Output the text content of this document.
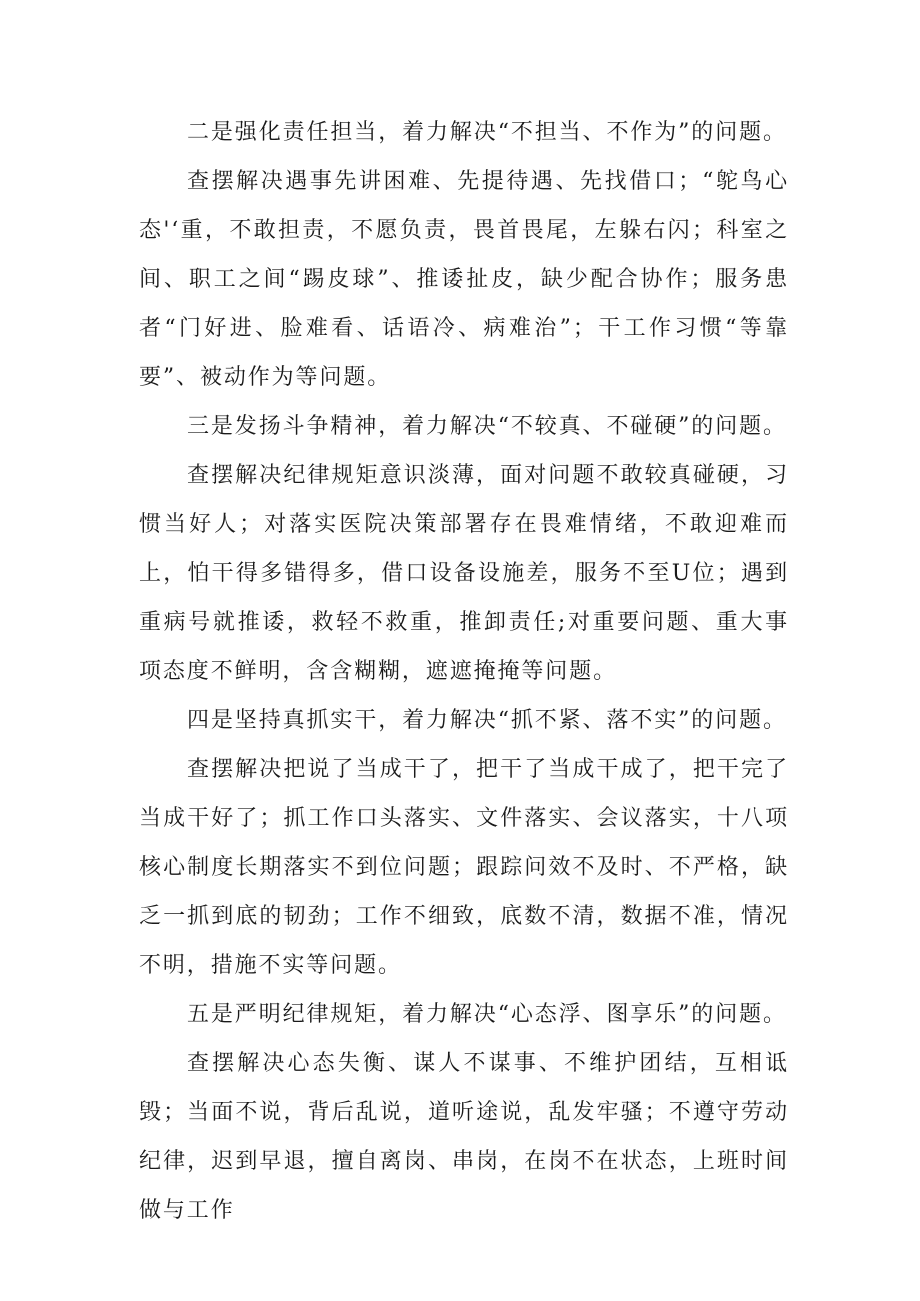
二是强化责任担当，着力解决“不担当、不作为”的问题。

查摆解决遇事先讲困难、先提待遇、先找借口；“鸵鸟心态'‘重，不敢担责，不愿负责，畏首畏尾，左躲右闪；科室之间、职工之间“踢皮球”、推诿扯皮，缺少配合协作；服务患者“门好进、脸难看、话语冷、病难治”；干工作习惯“等靠要”、被动作为等问题。

三是发扬斗争精神，着力解决“不较真、不碰硬”的问题。

查摆解决纪律规矩意识淡薄，面对问题不敢较真碰硬，习惯当好人；对落实医院决策部署存在畏难情绪，不敢迎难而上，怕干得多错得多，借口设备设施差，服务不至U位；遇到重病号就推诿，救轻不救重，推卸责任;对重要问题、重大事项态度不鲜明，含含糊糊，遮遮掩掩等问题。

四是坚持真抓实干，着力解决“抓不紧、落不实”的问题。

查摆解决把说了当成干了，把干了当成干成了，把干完了当成干好了；抓工作口头落实、文件落实、会议落实，十八项核心制度长期落实不到位问题；跟踪问效不及时、不严格，缺乏一抓到底的韧劲；工作不细致，底数不清，数据不准，情况不明，措施不实等问题。

五是严明纪律规矩，着力解决“心态浮、图享乐”的问题。

查摆解决心态失衡、谋人不谋事、不维护团结，互相诋毁；当面不说，背后乱说，道听途说，乱发牢骚；不遵守劳动纪律，迟到早退，擅自离岗、串岗，在岗不在状态，上班时间做与工作
